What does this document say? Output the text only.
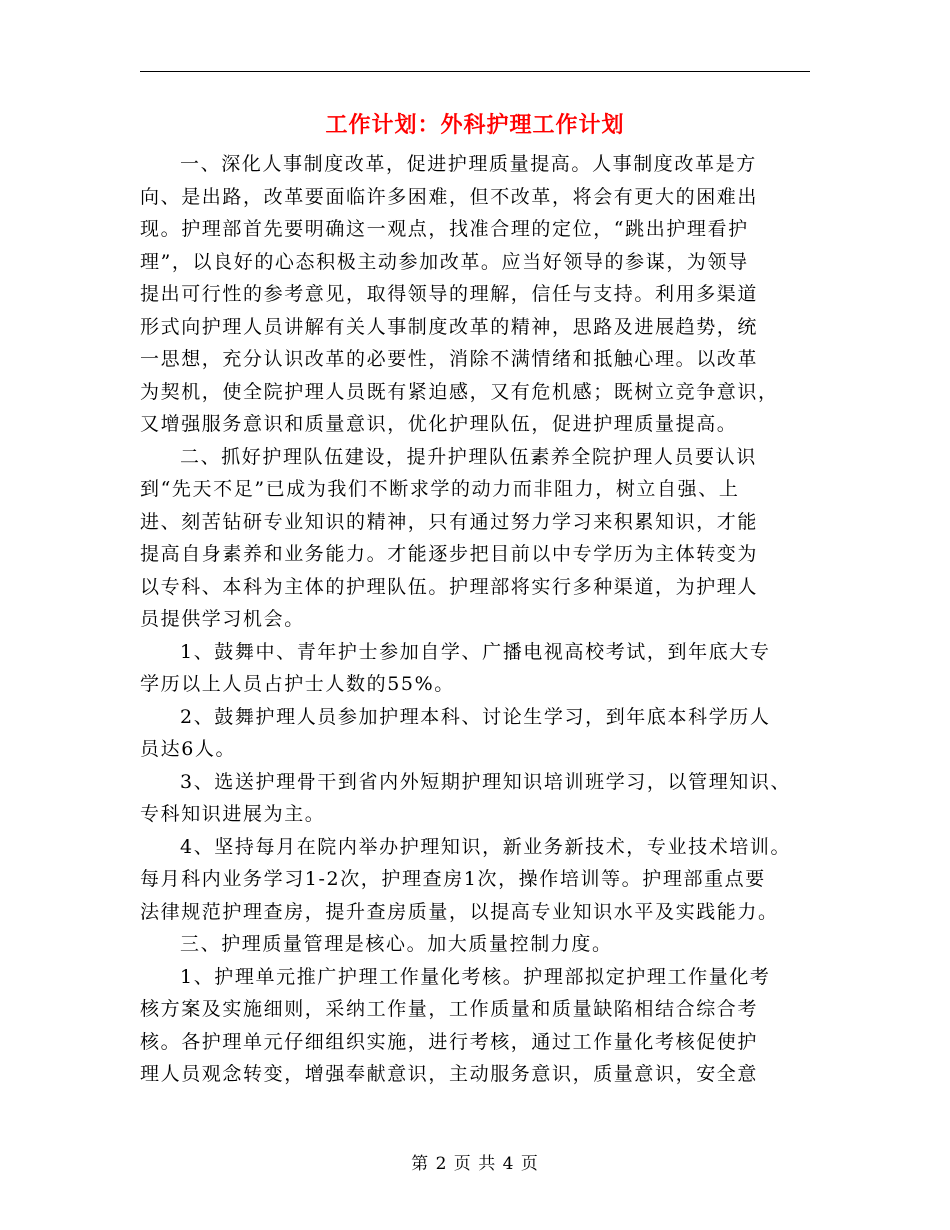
工作计划：外科护理工作计划
一、深化人事制度改革，促进护理质量提高。人事制度改革是方
向、是出路，改革要面临许多困难，但不改革，将会有更大的困难出
现。护理部首先要明确这一观点，找准合理的定位，“跳出护理看护
理”，以良好的心态积极主动参加改革。应当好领导的参谋，为领导
提出可行性的参考意见，取得领导的理解，信任与支持。利用多渠道
形式向护理人员讲解有关人事制度改革的精神，思路及进展趋势，统
一思想，充分认识改革的必要性，消除不满情绪和抵触心理。以改革
为契机，使全院护理人员既有紧迫感，又有危机感；既树立竞争意识，
又增强服务意识和质量意识，优化护理队伍，促进护理质量提高。
二、抓好护理队伍建设，提升护理队伍素养全院护理人员要认识
到“先天不足”已成为我们不断求学的动力而非阻力，树立自强、上
进、刻苦钻研专业知识的精神，只有通过努力学习来积累知识，才能
提高自身素养和业务能力。才能逐步把目前以中专学历为主体转变为
以专科、本科为主体的护理队伍。护理部将实行多种渠道，为护理人
员提供学习机会。
1、鼓舞中、青年护士参加自学、广播电视高校考试，到年底大专
学历以上人员占护士人数的55%。
2、鼓舞护理人员参加护理本科、讨论生学习，到年底本科学历人
员达6人。
3、选送护理骨干到省内外短期护理知识培训班学习，以管理知识、
专科知识进展为主。
4、坚持每月在院内举办护理知识，新业务新技术，专业技术培训。
每月科内业务学习1-2次，护理查房1次，操作培训等。护理部重点要
法律规范护理查房，提升查房质量，以提高专业知识水平及实践能力。
三、护理质量管理是核心。加大质量控制力度。
1、护理单元推广护理工作量化考核。护理部拟定护理工作量化考
核方案及实施细则，采纳工作量，工作质量和质量缺陷相结合综合考
核。各护理单元仔细组织实施，进行考核，通过工作量化考核促使护
理人员观念转变，增强奉献意识，主动服务意识，质量意识，安全意
第 2 页 共 4 页
